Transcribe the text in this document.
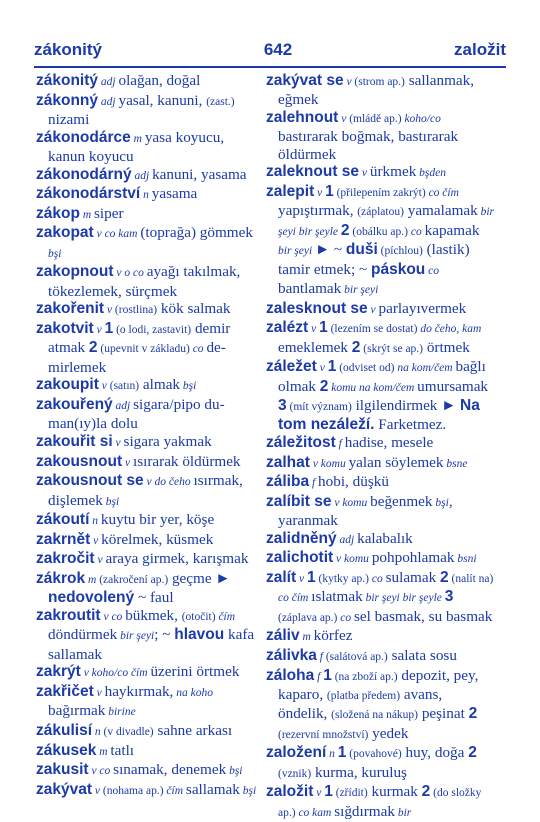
zákonitý	642	založit
zákonitý adj olağan, doğal
zákonný adj yasal, kanuni, (zast.) nizami
zákonodárce m yasa koyucu, kanun koyucu
zákonodárný adj kanuni, yasama
zákonodárství n yasama
zákop m siper
zakopat v co kam (toprağa) gömmek bşi
zakopnout v o co ayağı takılmak, tökezlemek, sürçmek
zakořenit v (rostlina) kök salmak
zakotvit v 1 (o lodi, zastavit) demir atmak 2 (upevnit v základu) co demirlemek
zakoupit v (satın) almak bşi
zakouřený adj sigara/pipo duman(ıy)la dolu
zakouřit si v sigara yakmak
zakousnout v ısırarak öldürmek
zakousnout se v do čeho ısırmak, dişlemek bşi
zákoutí n kuytu bir yer, köşe
zakrnět v körelmek, küsmek
zakročit v araya girmek, karışmak
zákrok m (zakročení ap.) geçme ► nedovolený ~ faul
zakroutit v co bükmek, (otočit) čím döndürmek bir şeyi; ~ hlavou kafa sallamak
zakrýt v koho/co čím üzerini örtmek
zakřičet v haykırmak, na koho bağırmak birine
zákulisí n (v divadle) sahne arkası
zákusek m tatlı
zakusit v co sınamak, denemek bşi
zakývat v (nohama ap.) čím sallamak bşi
zakývat se v (strom ap.) sallanmak, eğmek
zalehnout v (mládě ap.) koho/co bastırarak boğmak, bastırarak öldürmek
zaleknout se v ürkmek bşden
zalepit v 1 (přilepením zakrýt) co čím yapıştırmak, (záplatou) yamalamak bir şeyi bir şeyle 2 (obálku ap.) co kapamak bir şeyi ► ~ duši (píchlou) (lastik) tamir etmek; ~ páskou co bantlamak bir şeyi
zalesknout se v parlayıvermek
zalézt v 1 (lezením se dostat) do čeho, kam emeklemek 2 (skrýt se ap.) örtmek
záležet v 1 (odviset od) na kom/čem bağlı olmak 2 komu na kom/čem umursamak 3 (mít význam) ilgilendirmek ► Na tom nezáleží. Farketmez.
záležitost f hadise, mesele
zalhat v komu yalan söylemek bsne
záliba f hobi, düşkü
zalíbit se v komu beğenmek bşi, yaranmak
zalidněný adj kalabalık
zalichotit v komu pohpohlamak bsni
zalít v 1 (kytky ap.) co sulamak 2 (nalít na) co čím ıslatmak bir şeyi bir şeyle 3 (záplava ap.) co sel basmak, su basmak
záliv m körfez
zálivka f (salátová ap.) salata sosu
záloha f 1 (na zboží ap.) depozit, pey, kaparo, (platba předem) avans, öndelik, (složená na nákup) peşinat 2 (rezervní množství) yedek
založení n 1 (povahové) huy, doğa 2 (vznik) kurma, kuruluş
založit v 1 (zřídit) kurmak 2 (do složky ap.) co kam sığdırmak bir
